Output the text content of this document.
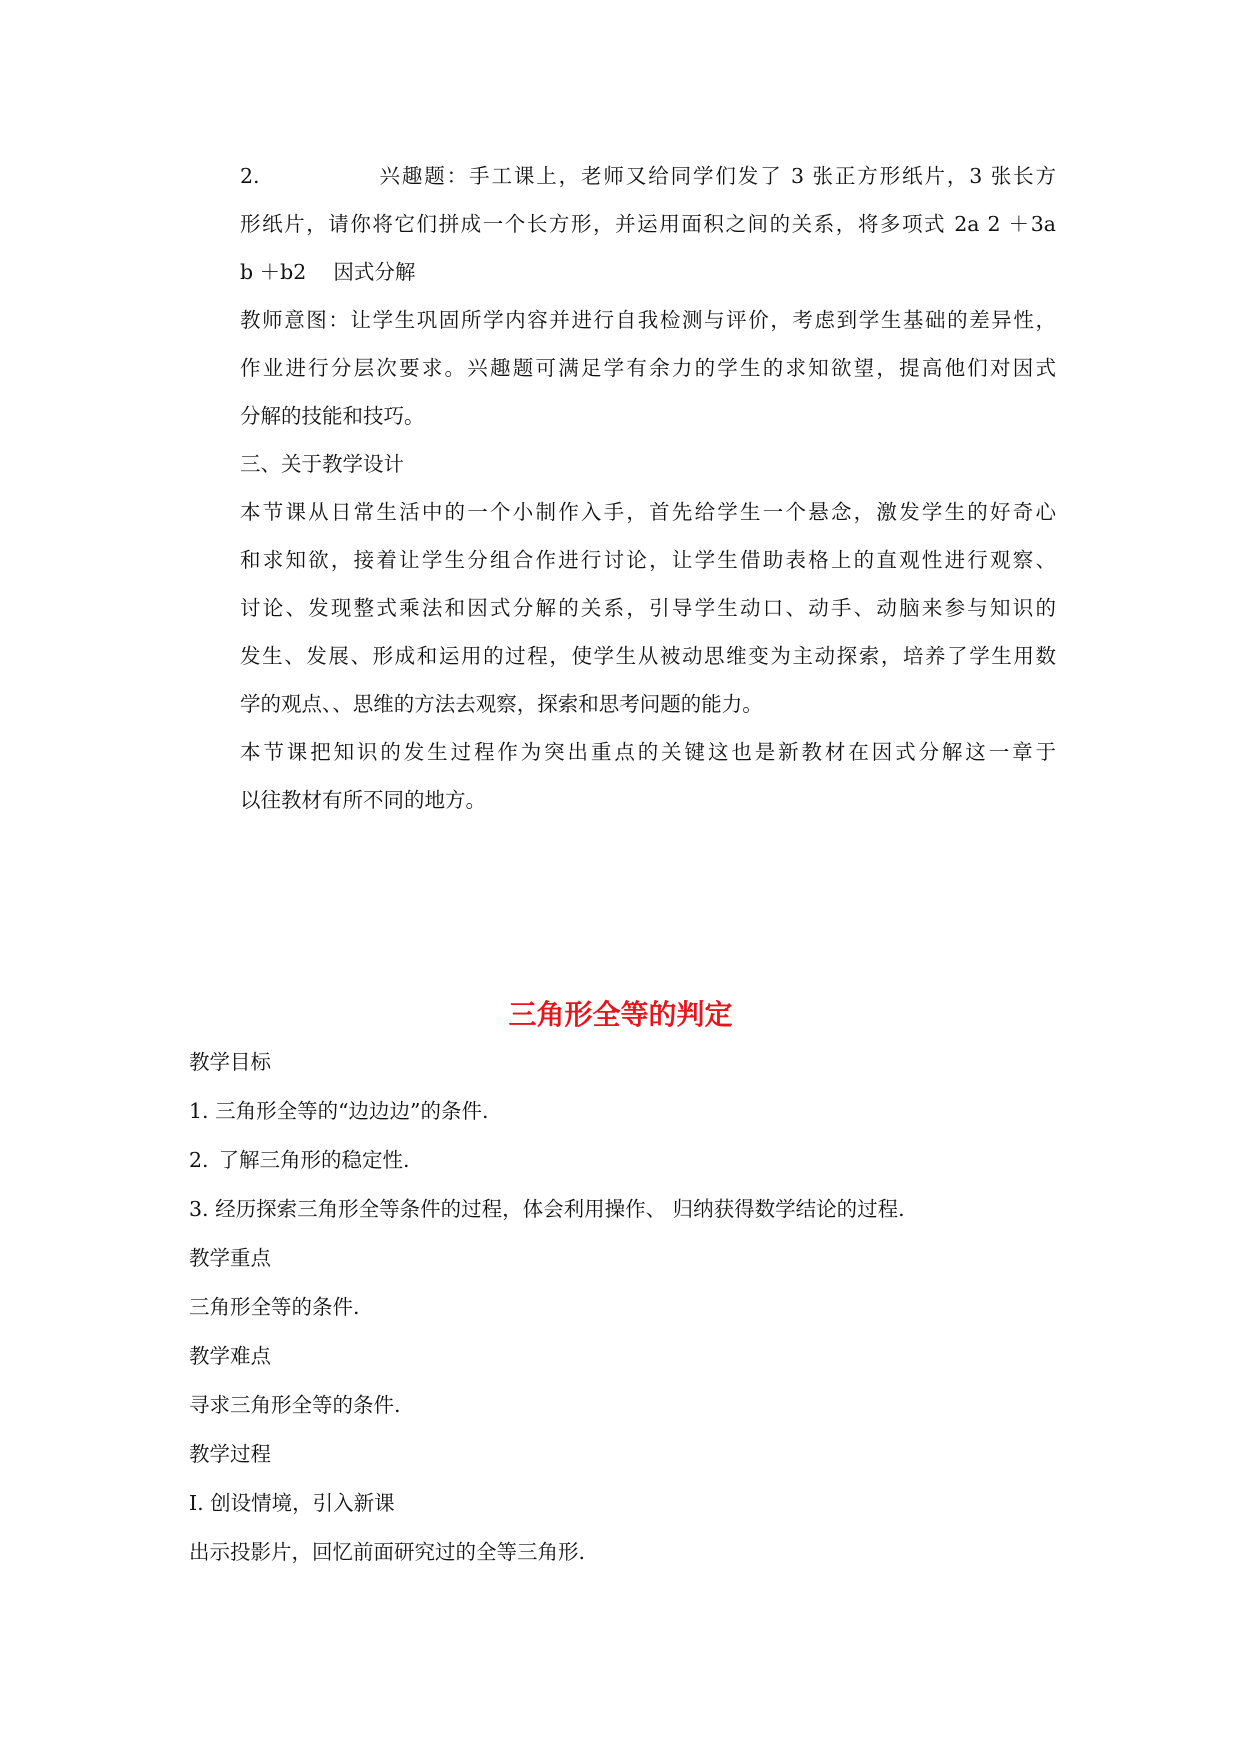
2.	兴趣题：手工课上，老师又给同学们发了 3 张正方形纸片，3 张长方
形纸片，请你将它们拼成一个长方形，并运用面积之间的关系，将多项式 2a 2 ＋3a
b ＋b2 　因式分解
教师意图：让学生巩固所学内容并进行自我检测与评价，考虑到学生基础的差异性，
作业进行分层次要求。兴趣题可满足学有余力的学生的求知欲望，提高他们对因式
分解的技能和技巧。
三、关于教学设计
本节课从日常生活中的一个小制作入手，首先给学生一个悬念，激发学生的好奇心
和求知欲，接着让学生分组合作进行讨论，让学生借助表格上的直观性进行观察、
讨论、发现整式乘法和因式分解的关系，引导学生动口、动手、动脑来参与知识的
发生、发展、形成和运用的过程，使学生从被动思维变为主动探索，培养了学生用数
学的观点、、思维的方法去观察，探索和思考问题的能力。
本节课把知识的发生过程作为突出重点的关键这也是新教材在因式分解这一章于
以往教材有所不同的地方。
三角形全等的判定
教学目标
1. 三角形全等的“边边边”的条件.
2. 了解三角形的稳定性.
3. 经历探索三角形全等条件的过程，体会利用操作、 归纳获得数学结论的过程.
教学重点
三角形全等的条件.
教学难点
寻求三角形全等的条件.
教学过程
Ⅰ. 创设情境，引入新课
出示投影片，回忆前面研究过的全等三角形.
